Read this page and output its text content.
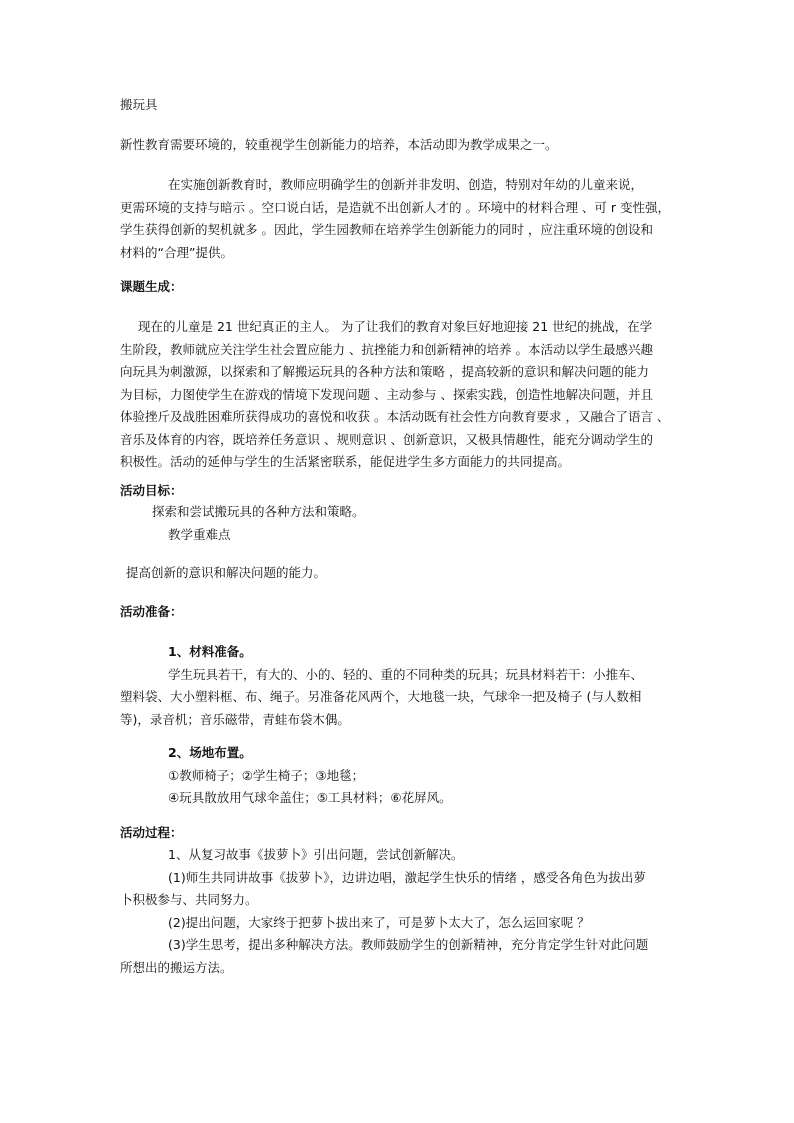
搬玩具
新性教育需要环境的，较重视学生创新能力的培养，本活动即为教学成果之一。
在实施创新教育时，教师应明确学生的创新并非发明、创造，特别对年幼的儿童来说，
更需环境的支持与暗示 。空口说白话，是造就不出创新人才的 。环境中的材料合理 、可 r 变性强，
学生获得创新的契机就多 。因此，学生园教师在培养学生创新能力的同时 ，应注重环境的创设和
材料的“合理”提供。
课题生成：
现在的儿童是 21 世纪真正的主人。 为了让我们的教育对象巨好地迎接 21 世纪的挑战，在学
生阶段，教师就应关注学生社会置应能力 、抗挫能力和创新精神的培养 。本活动以学生最感兴趣
向玩具为刺激源，以探索和了解搬运玩具的各种方法和策略 ，提高较新的意识和解决问题的能力
为目标，力图使学生在游戏的情境下发现问题 、主动参与 、探索实践，创造性地解决问题，并且
体验挫斤及战胜困难所获得成功的喜悦和收获 。本活动既有社会性方向教育要求 ，又融合了语言 、
音乐及体育的内容，既培养任务意识 、规则意识 、创新意识，又极具情趣性，能充分调动学生的
积极性。活动的延伸与学生的生活紧密联系，能促进学生多方面能力的共同提高。
活动目标：
探索和尝试搬玩具的各种方法和策略。
教学重难点
提高创新的意识和解决问题的能力。
活动准备：
1、材料准备。
学生玩具若干，有大的、小的、轻的、重的不同种类的玩具；玩具材料若干：小推车、
塑料袋、大小塑料框、布、绳子。另准备花风两个，大地毯一块，气球伞一把及椅子 (与人数相
等)，录音机；音乐磁带，青蛙布袋木偶。
2、场地布置。
①教师椅子；②学生椅子；③地毯；
④玩具散放用气球伞盖住；⑤工具材料；⑥花屏风。
活动过程：
1、从复习故事《拔萝卜》引出问题，尝试创新解决。
(1)师生共同讲故事《拔萝卜》，边讲边唱，激起学生快乐的情绪 ，感受各角色为拔出萝
卜积极参与、共同努力。
(2)提出问题，大家终于把萝卜拔出来了，可是萝卜太大了，怎么运回家呢 ？
(3)学生思考，提出多种解决方法。教师鼓励学生的创新精神，充分肯定学生针对此问题
所想出的搬运方法。
